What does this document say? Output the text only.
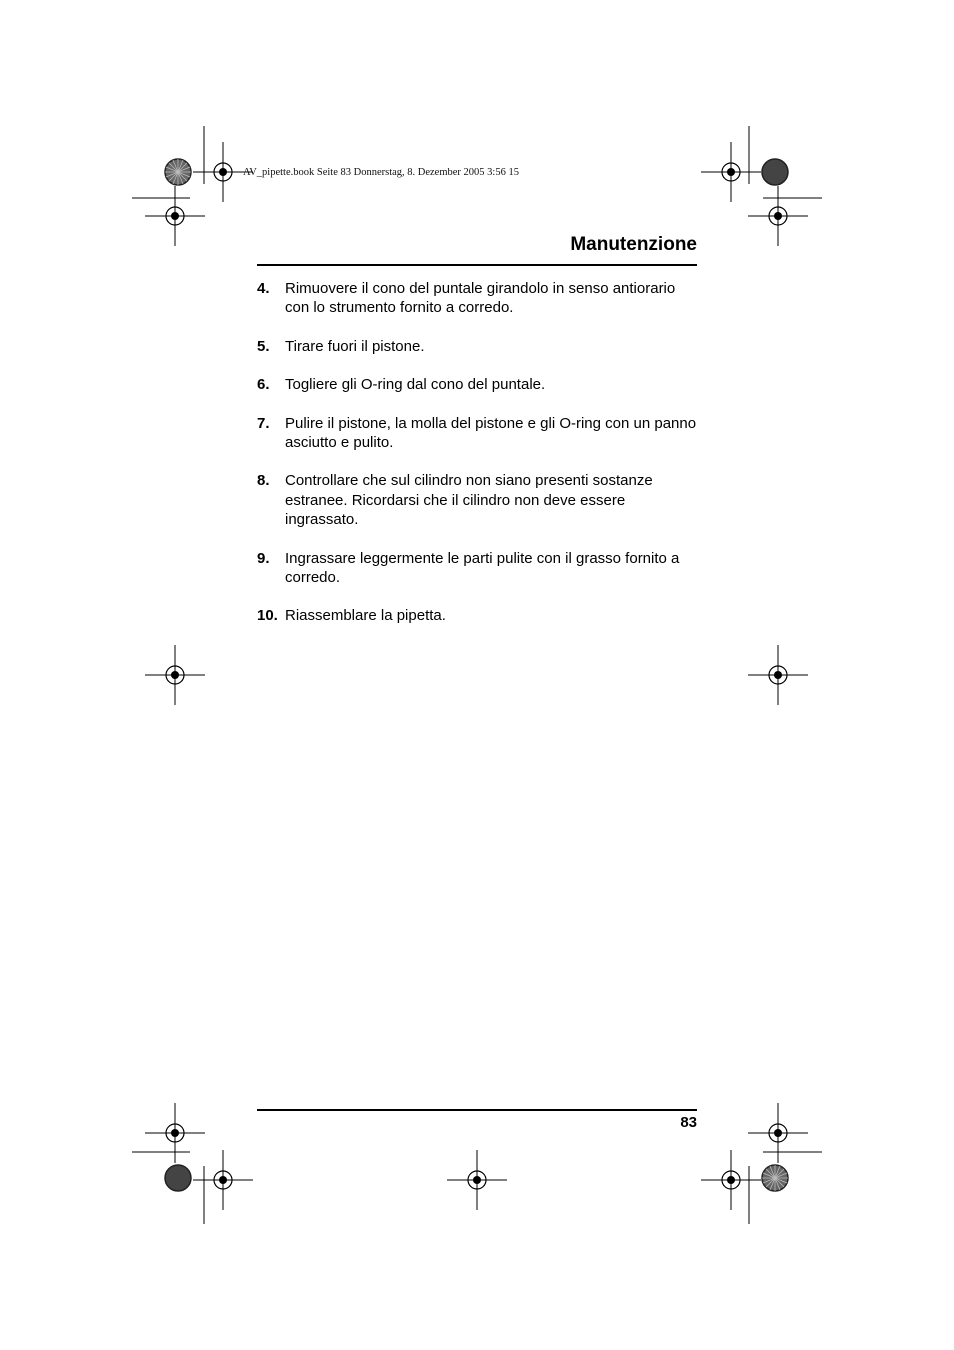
AV_pipette.book Seite 83 Donnerstag, 8. Dezember 2005 3:56 15
Manutenzione
4.	Rimuovere il cono del puntale girandolo in senso antiorario con lo strumento fornito a corredo.
5.	Tirare fuori il pistone.
6.	Togliere gli O-ring dal cono del puntale.
7.	Pulire il pistone, la molla del pistone e gli O-ring con un panno asciutto e pulito.
8.	Controllare che sul cilindro non siano presenti sostanze estranee. Ricordarsi che il cilindro non deve essere ingrassato.
9.	Ingrassare leggermente le parti pulite con il grasso fornito a corredo.
10. Riassemblare la pipetta.
83
